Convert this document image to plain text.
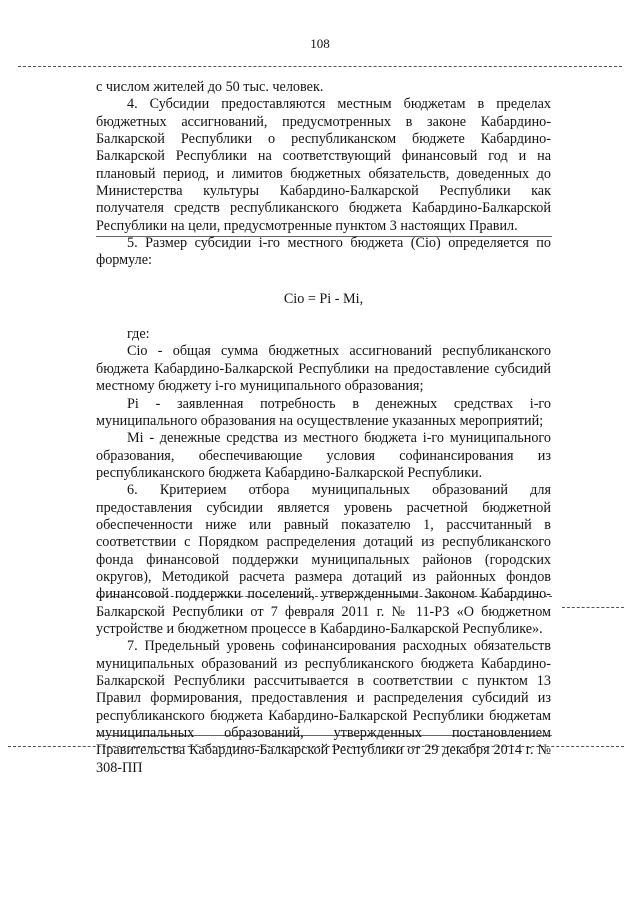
108

с числом жителей до 50 тыс. человек.

4. Субсидии предоставляются местным бюджетам в пределах бюджетных ассигнований, предусмотренных в законе Кабардино-Балкарской Республики о республиканском бюджете Кабардино-Балкарской Республики на соответствующий финансовый год и на плановый период, и лимитов бюджетных обязательств, доведенных до Министерства культуры Кабардино-Балкарской Республики как получателя средств республиканского бюджета Кабардино-Балкарской Республики на цели, предусмотренные пунктом 3 настоящих Правил.

5. Размер субсидии i-го местного бюджета (Сio) определяется по формуле:

Сio = Pi - Mi,

где:

Сio - общая сумма бюджетных ассигнований республиканского бюджета Кабардино-Балкарской Республики на предоставление субсидий местному бюджету i-го муниципального образования;

Pi - заявленная потребность в денежных средствах i-го муниципального образования на осуществление указанных мероприятий;

Mi - денежные средства из местного бюджета i-го муниципального образования, обеспечивающие условия софинансирования из республиканского бюджета Кабардино-Балкарской Республики.

6. Критерием отбора муниципальных образований для предоставления субсидии является уровень расчетной бюджетной обеспеченности ниже или равный показателю 1, рассчитанный в соответствии с Порядком распределения дотаций из республиканского фонда финансовой поддержки муниципальных районов (городских округов), Методикой расчета размера дотаций из районных фондов финансовой поддержки поселений, утвержденными Законом Кабардино-Балкарской Республики от 7 февраля 2011 г. № 11-РЗ «О бюджетном устройстве и бюджетном процессе в Кабардино-Балкарской Республике».

7. Предельный уровень софинансирования расходных обязательств муниципальных образований из республиканского бюджета Кабардино-Балкарской Республики рассчитывается в соответствии с пунктом 13 Правил формирования, предоставления и распределения субсидий из республиканского бюджета Кабардино-Балкарской Республики бюджетам муниципальных образований, утвержденных постановлением Правительства Кабардино-Балкарской Республики от 29 декабря 2014 г. № 308-ПП
